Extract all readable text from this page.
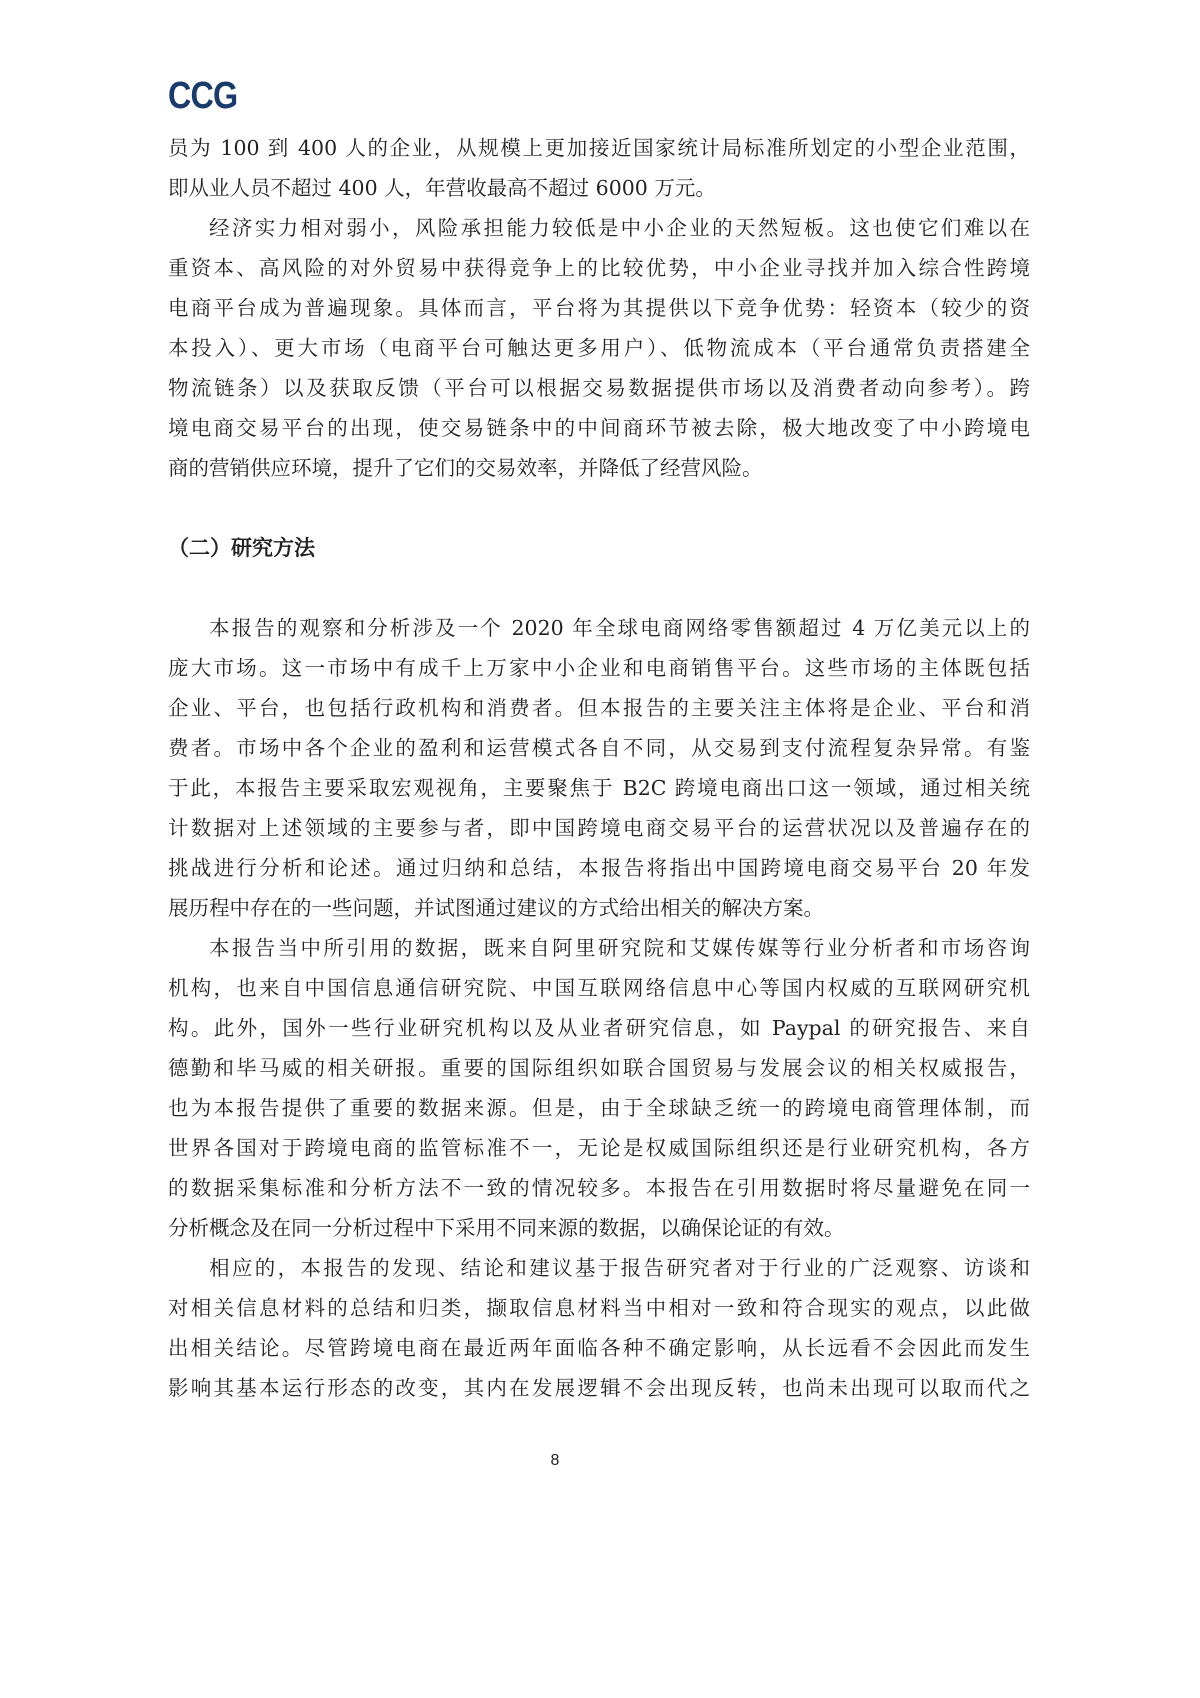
CCG
员为 100 到 400 人的企业，从规模上更加接近国家统计局标准所划定的小型企业范围，
即从业人员不超过 400 人，年营收最高不超过 6000 万元。
经济实力相对弱小，风险承担能力较低是中小企业的天然短板。这也使它们难以在
重资本、高风险的对外贸易中获得竞争上的比较优势，中小企业寻找并加入综合性跨境
电商平台成为普遍现象。具体而言，平台将为其提供以下竞争优势：轻资本（较少的资
本投入）、更大市场（电商平台可触达更多用户）、低物流成本（平台通常负责搭建全
物流链条）以及获取反馈（平台可以根据交易数据提供市场以及消费者动向参考）。跨
境电商交易平台的出现，使交易链条中的中间商环节被去除，极大地改变了中小跨境电
商的营销供应环境，提升了它们的交易效率，并降低了经营风险。
（二）研究方法
本报告的观察和分析涉及一个 2020 年全球电商网络零售额超过 4 万亿美元以上的
庞大市场。这一市场中有成千上万家中小企业和电商销售平台。这些市场的主体既包括
企业、平台，也包括行政机构和消费者。但本报告的主要关注主体将是企业、平台和消
费者。市场中各个企业的盈利和运营模式各自不同，从交易到支付流程复杂异常。有鉴
于此，本报告主要采取宏观视角，主要聚焦于 B2C 跨境电商出口这一领域，通过相关统
计数据对上述领域的主要参与者，即中国跨境电商交易平台的运营状况以及普遍存在的
挑战进行分析和论述。通过归纳和总结，本报告将指出中国跨境电商交易平台 20 年发
展历程中存在的一些问题，并试图通过建议的方式给出相关的解决方案。
本报告当中所引用的数据，既来自阿里研究院和艾媒传媒等行业分析者和市场咨询
机构，也来自中国信息通信研究院、中国互联网络信息中心等国内权威的互联网研究机
构。此外，国外一些行业研究机构以及从业者研究信息，如 Paypal 的研究报告、来自
德勤和毕马威的相关研报。重要的国际组织如联合国贸易与发展会议的相关权威报告，
也为本报告提供了重要的数据来源。但是，由于全球缺乏统一的跨境电商管理体制，而
世界各国对于跨境电商的监管标准不一，无论是权威国际组织还是行业研究机构，各方
的数据采集标准和分析方法不一致的情况较多。本报告在引用数据时将尽量避免在同一
分析概念及在同一分析过程中下采用不同来源的数据，以确保论证的有效。
相应的，本报告的发现、结论和建议基于报告研究者对于行业的广泛观察、访谈和
对相关信息材料的总结和归类，撷取信息材料当中相对一致和符合现实的观点，以此做
出相关结论。尽管跨境电商在最近两年面临各种不确定影响，从长远看不会因此而发生
影响其基本运行形态的改变，其内在发展逻辑不会出现反转，也尚未出现可以取而代之
8
